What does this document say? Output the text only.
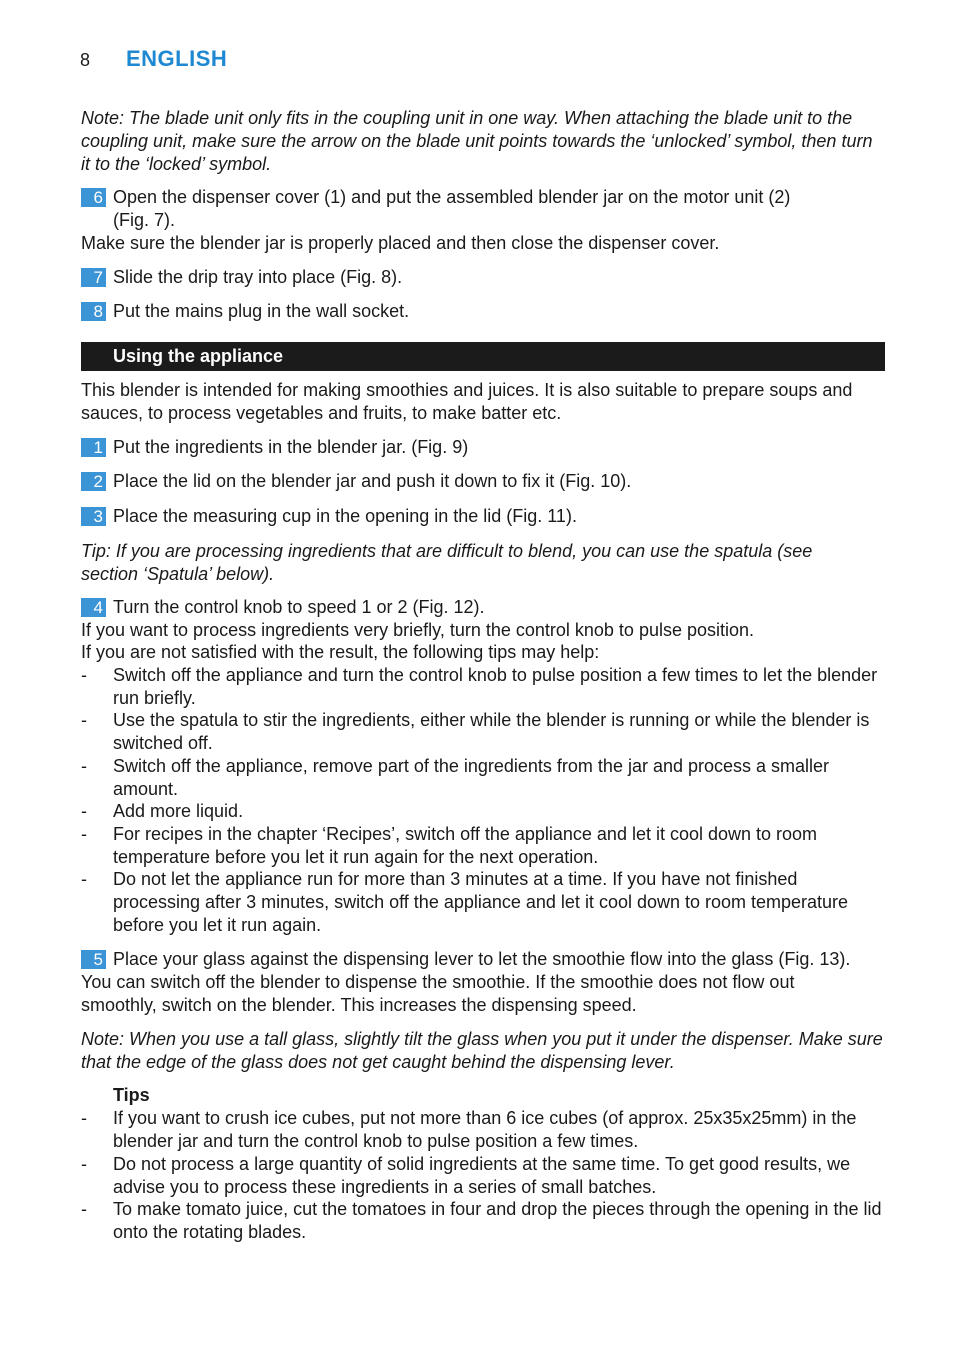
8 ENGLISH
Note: The blade unit only fits in the coupling unit in one way. When attaching the blade unit to the coupling unit, make sure the arrow on the blade unit points towards the ‘unlocked’ symbol, then turn it to the ‘locked’ symbol.
6 Open the dispenser cover (1) and put the assembled blender jar on the motor unit (2) (Fig. 7).
Make sure the blender jar is properly placed and then close the dispenser cover.
7 Slide the drip tray into place (Fig. 8).
8 Put the mains plug in the wall socket.
Using the appliance
This blender is intended for making smoothies and juices. It is also suitable to prepare soups and sauces, to process vegetables and fruits, to make batter etc.
1 Put the ingredients in the blender jar. (Fig. 9)
2 Place the lid on the blender jar and push it down to fix it (Fig. 10).
3 Place the measuring cup in the opening in the lid (Fig. 11).
Tip: If you are processing ingredients that are difficult to blend, you can use the spatula (see section ‘Spatula’ below).
4 Turn the control knob to speed 1 or 2 (Fig. 12).
If you want to process ingredients very briefly, turn the control knob to pulse position.
If you are not satisfied with the result, the following tips may help:
-	Switch off the appliance and turn the control knob to pulse position a few times to let the blender run briefly.
-	Use the spatula to stir the ingredients, either while the blender is running or while the blender is switched off.
-	Switch off the appliance, remove part of the ingredients from the jar and process a smaller amount.
-	Add more liquid.
-	For recipes in the chapter ‘Recipes’, switch off the appliance and let it cool down to room temperature before you let it run again for the next operation.
-	Do not let the appliance run for more than 3 minutes at a time. If you have not finished processing after 3 minutes, switch off the appliance and let it cool down to room temperature before you let it run again.
5 Place your glass against the dispensing lever to let the smoothie flow into the glass (Fig. 13).
You can switch off the blender to dispense the smoothie. If the smoothie does not flow out smoothly, switch on the blender. This increases the dispensing speed.
Note: When you use a tall glass, slightly tilt the glass when you put it under the dispenser. Make sure that the edge of the glass does not get caught behind the dispensing lever.
Tips
-	If you want to crush ice cubes, put not more than 6 ice cubes (of approx. 25x35x25mm) in the blender jar and turn the control knob to pulse position a few times.
-	Do not process a large quantity of solid ingredients at the same time. To get good results, we advise you to process these ingredients in a series of small batches.
-	To make tomato juice, cut the tomatoes in four and drop the pieces through the opening in the lid onto the rotating blades.
